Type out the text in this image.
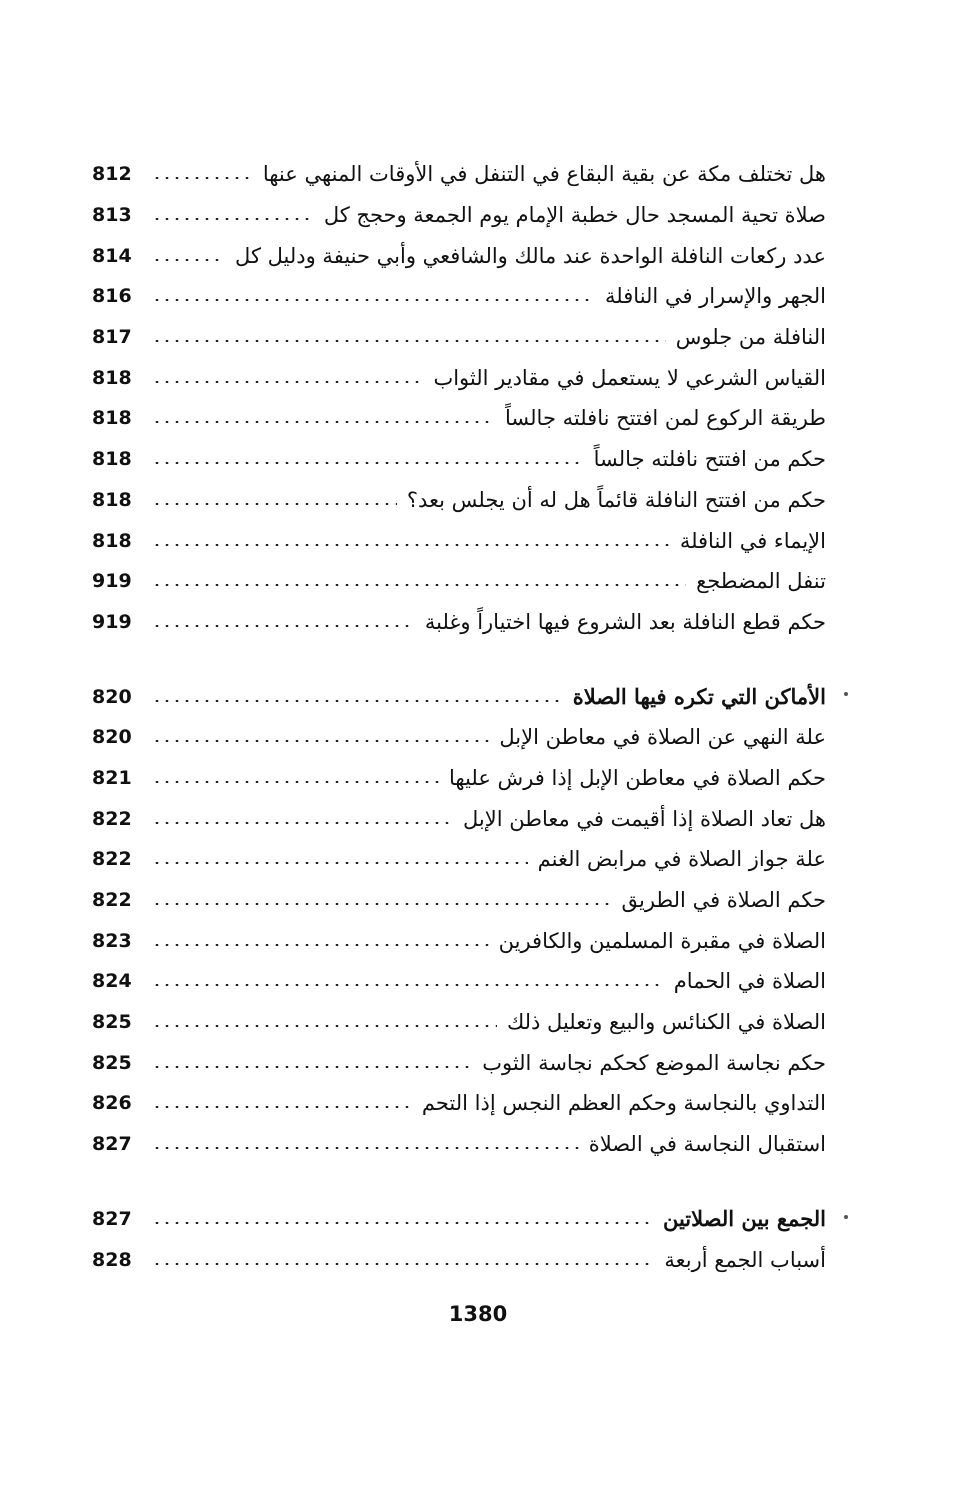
812	هل تختلف مكة عن بقية البقاع في التنفل في الأوقات المنهي عنها
813	صلاة تحية المسجد حال خطبة الإمام يوم الجمعة وحجج كل
814	عدد ركعات النافلة الواحدة عند مالك والشافعي وأبي حنيفة ودليل كل
816	الجهر والإسرار في النافلة
817	النافلة من جلوس
818	القياس الشرعي لا يستعمل في مقادير الثواب
818	طريقة الركوع لمن افتتح نافلته جالساً
818	حكم من افتتح نافلته جالساً
818	حكم من افتتح النافلة قائماً هل له أن يجلس بعد؟
818	الإيماء في النافلة
919	تنفل المضطجع
919	حكم قطع النافلة بعد الشروع فيها اختياراً وغلبة
820	الأماكن التي تكره فيها الصلاة
820	علة النهي عن الصلاة في معاطن الإبل
821	حكم الصلاة في معاطن الإبل إذا فرش عليها
822	هل تعاد الصلاة إذا أقيمت في معاطن الإبل
822	علة جواز الصلاة في مرابض الغنم
822	حكم الصلاة في الطريق
823	الصلاة في مقبرة المسلمين والكافرين
824	الصلاة في الحمام
825	الصلاة في الكنائس والبيع وتعليل ذلك
825	حكم نجاسة الموضع كحكم نجاسة الثوب
826	التداوي بالنجاسة وحكم العظم النجس إذا التحم
827	استقبال النجاسة في الصلاة
827	الجمع بين الصلاتين
828	أسباب الجمع أربعة
1380
